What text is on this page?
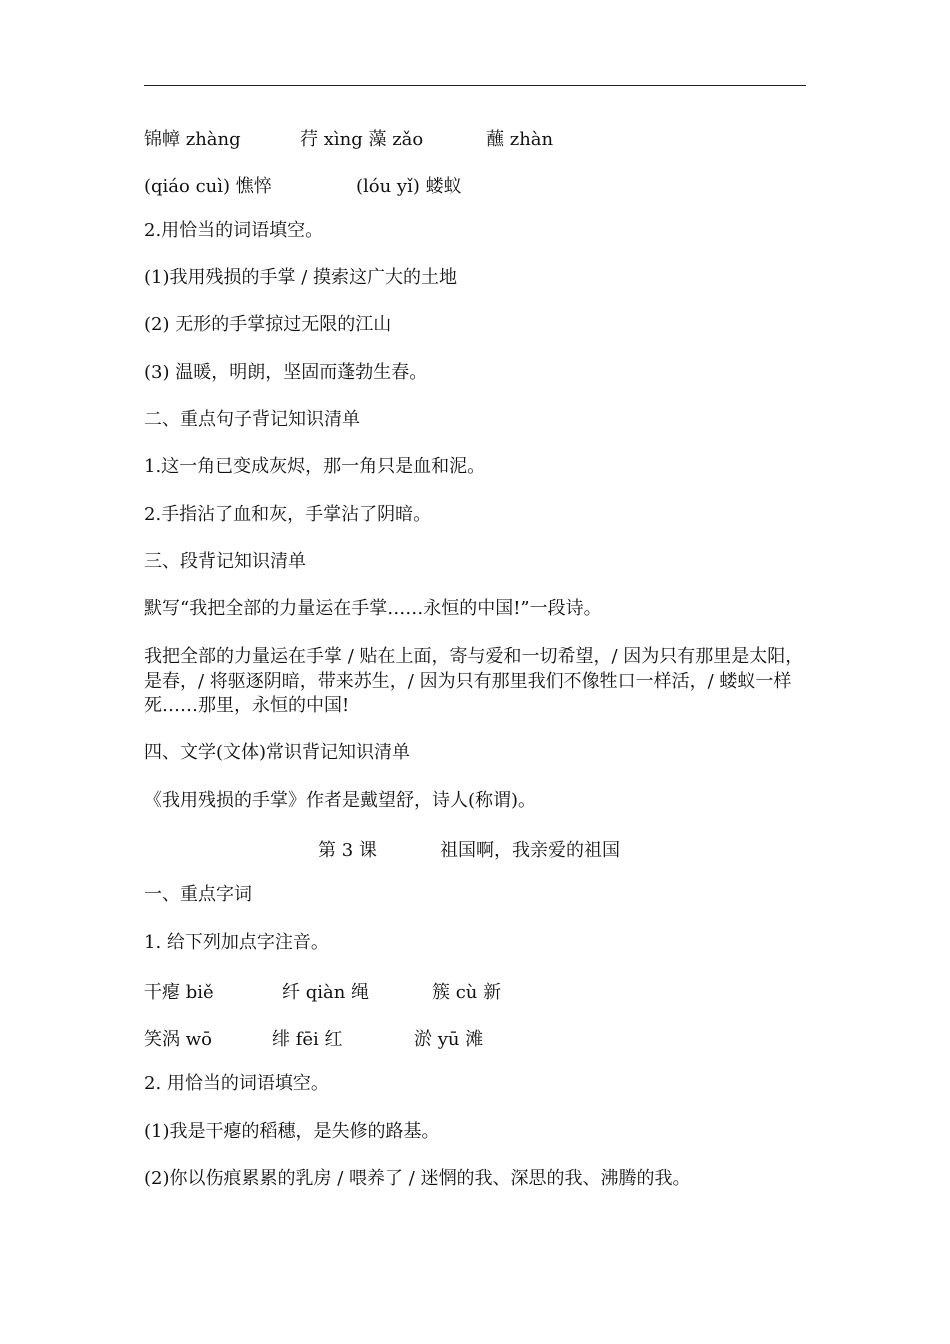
锦幛 zhàng	荇 xìng 藻 zǎo	蘸 zhàn
(qiáo cuì) 憔悴	(lóu yǐ) 蝼蚁
2.用恰当的词语填空。
(1)我用残损的手掌 / 摸索这广大的土地
(2) 无形的手掌掠过无限的江山
(3) 温暖，明朗，坚固而蓬勃生春。
二、重点句子背记知识清单
1.这一角已变成灰烬，那一角只是血和泥。
2.手指沾了血和灰，手掌沾了阴暗。
三、段背记知识清单
默写“我把全部的力量运在手掌……永恒的中国!”一段诗。
我把全部的力量运在手掌 / 贴在上面，寄与爱和一切希望，/ 因为只有那里是太阳，是春，/ 将驱逐阴暗，带来苏生，/ 因为只有那里我们不像牲口一样活，/ 蝼蚁一样死……那里，永恒的中国!
四、文学(文体)常识背记知识清单
《我用残损的手掌》作者是戴望舒，诗人(称谓)。
第 3 课	祖国啊，我亲爱的祖国
一、重点字词
1. 给下列加点字注音。
干瘪 biě	纤 qiàn 绳	簇 cù 新
笑涡 wō	绯 fēi 红	淤 yū 滩
2. 用恰当的词语填空。
(1)我是干瘪的稻穗，是失修的路基。
(2)你以伤痕累累的乳房 / 喂养了 / 迷惘的我、深思的我、沸腾的我。
